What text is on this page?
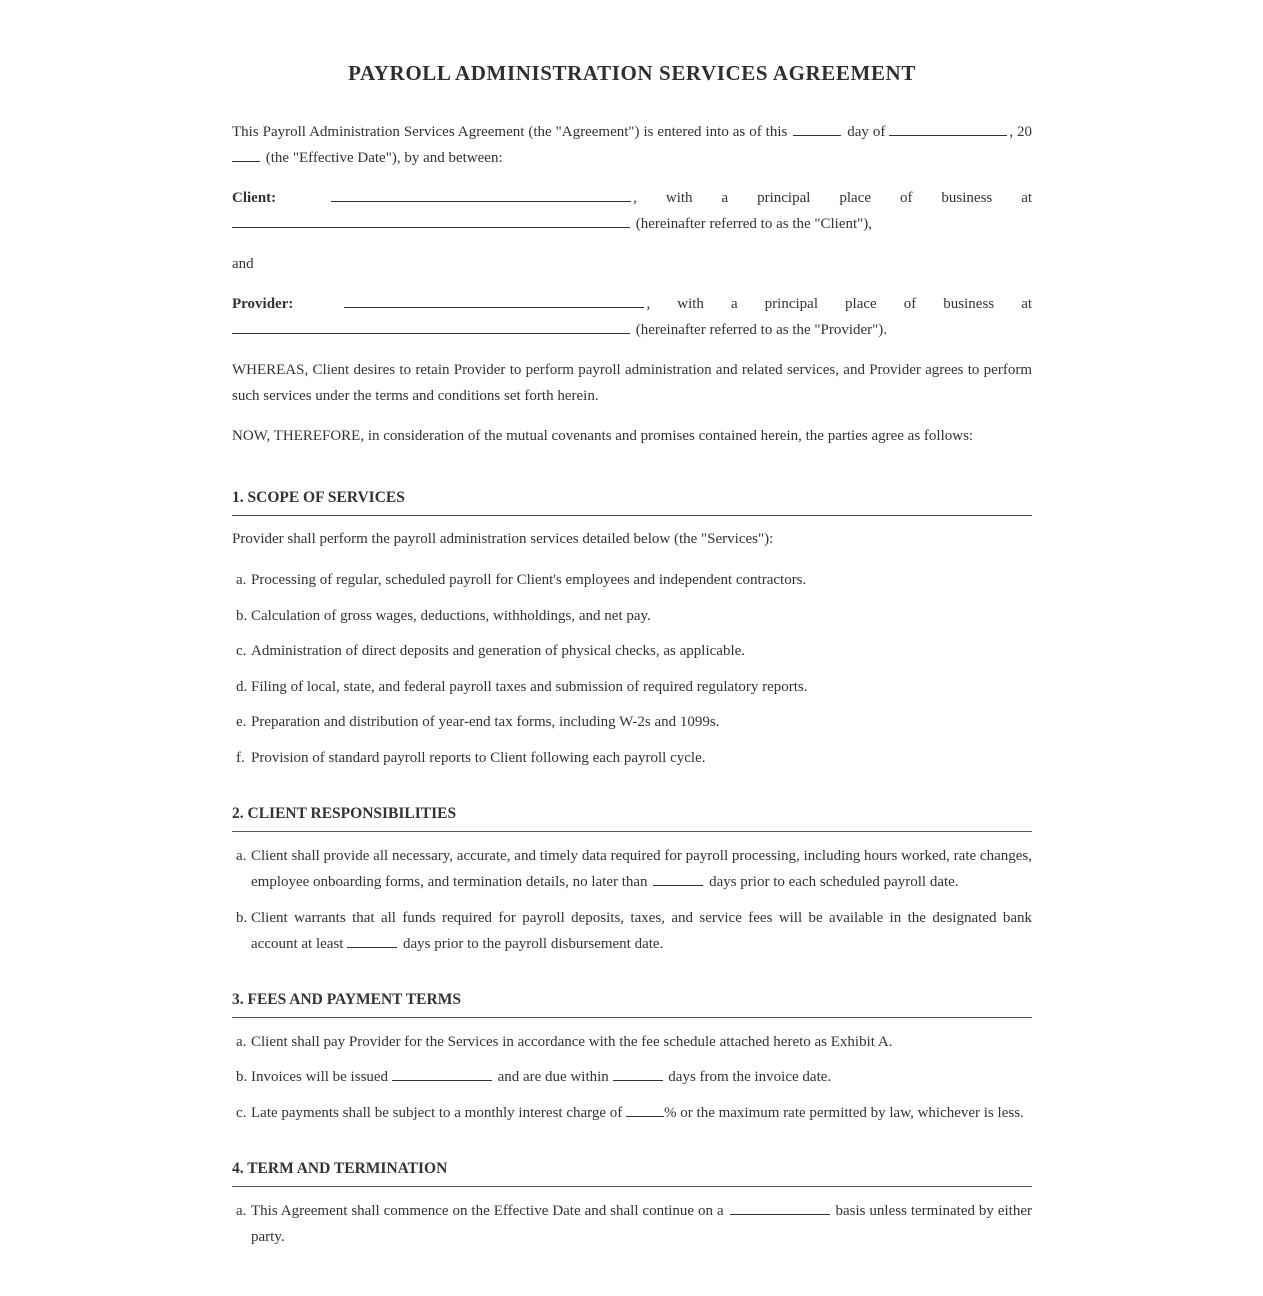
PAYROLL ADMINISTRATION SERVICES AGREEMENT

This Payroll Administration Services Agreement (the "Agreement") is entered into as of this	day of	, 20 (the "Effective Date"), by and between:

Client:	, with a principal place of business at  (hereinafter referred to as the "Client"),

and

Provider:	, with a principal place of business at  (hereinafter referred to as the "Provider").

WHEREAS, Client desires to retain Provider to perform payroll administration and related services, and Provider agrees to perform such services under the terms and conditions set forth herein.

NOW, THEREFORE, in consideration of the mutual covenants and promises contained herein, the parties agree as follows:

1. SCOPE OF SERVICES

Provider shall perform the payroll administration services detailed below (the "Services"):

a. Processing of regular, scheduled payroll for Client's employees and independent contractors.
b. Calculation of gross wages, deductions, withholdings, and net pay.
c. Administration of direct deposits and generation of physical checks, as applicable.
d. Filing of local, state, and federal payroll taxes and submission of required regulatory reports.
e. Preparation and distribution of year-end tax forms, including W-2s and 1099s.
f. Provision of standard payroll reports to Client following each payroll cycle.
2. CLIENT RESPONSIBILITIES
a. Client shall provide all necessary, accurate, and timely data required for payroll processing, including hours worked, rate changes, employee onboarding forms, and termination details, no later than	days prior to each scheduled payroll date.
b. Client warrants that all funds required for payroll deposits, taxes, and service fees will be available in the designated bank account at least	days prior to the payroll disbursement date.
3. FEES AND PAYMENT TERMS
a. Client shall pay Provider for the Services in accordance with the fee schedule attached hereto as Exhibit A.
b. Invoices will be issued	and are due within	days from the invoice date.
c. Late payments shall be subject to a monthly interest charge of	% or the maximum rate permitted by law, whichever is less.
4. TERM AND TERMINATION
a. This Agreement shall commence on the Effective Date and shall continue on a	basis unless terminated by either party.
